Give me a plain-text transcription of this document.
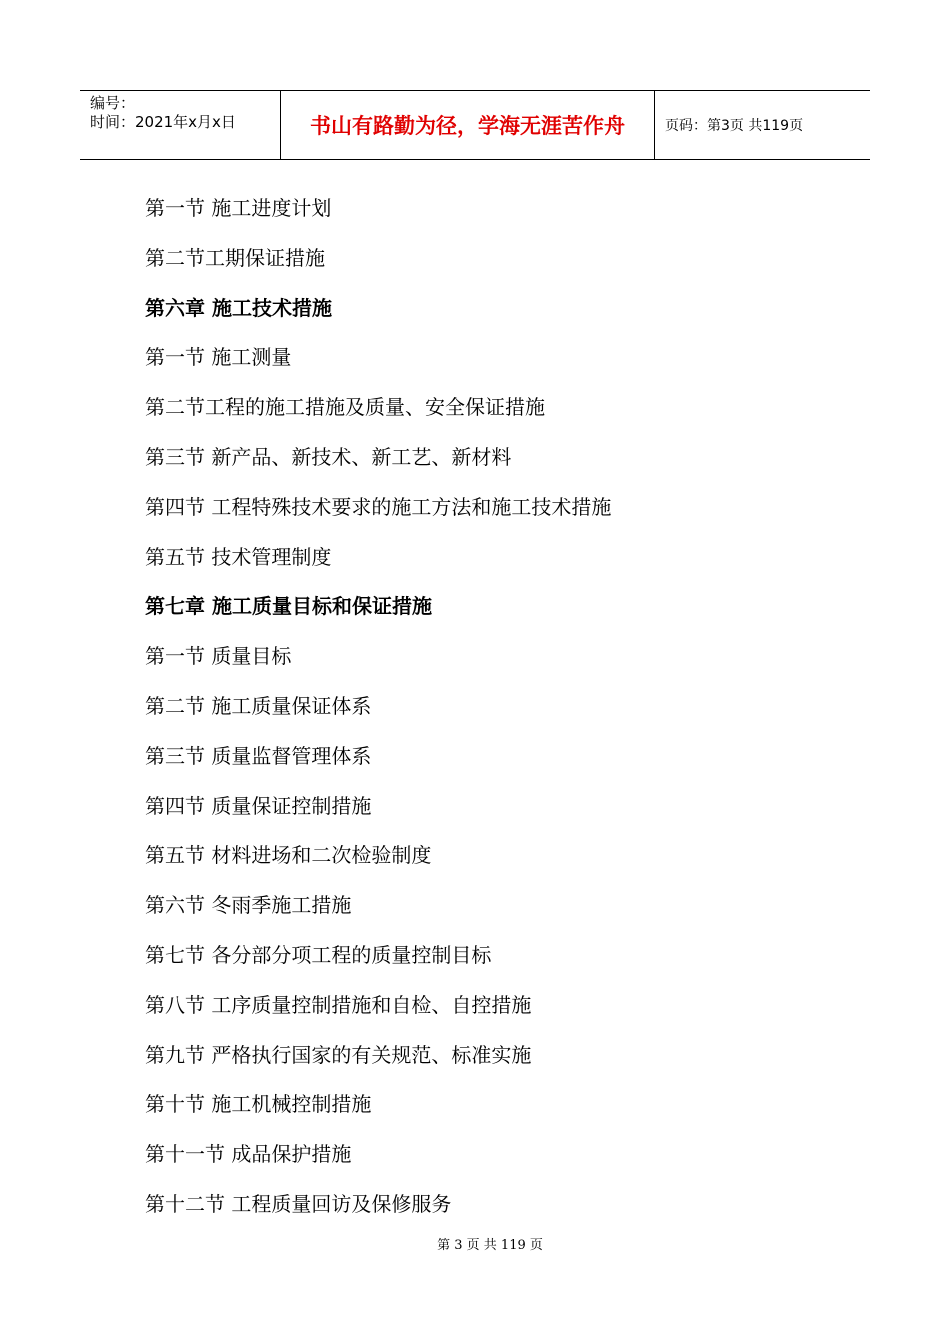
编号：
时间：2021年x月x日	书山有路勤为径，学海无涯苦作舟	页码：第3页 共119页
第一节 施工进度计划
第二节工期保证措施
第六章 施工技术措施
第一节 施工测量
第二节工程的施工措施及质量、安全保证措施
第三节 新产品、新技术、新工艺、新材料
第四节 工程特殊技术要求的施工方法和施工技术措施
第五节 技术管理制度
第七章 施工质量目标和保证措施
第一节 质量目标
第二节 施工质量保证体系
第三节 质量监督管理体系
第四节 质量保证控制措施
第五节 材料进场和二次检验制度
第六节 冬雨季施工措施
第七节 各分部分项工程的质量控制目标
第八节 工序质量控制措施和自检、自控措施
第九节 严格执行国家的有关规范、标准实施
第十节 施工机械控制措施
第十一节 成品保护措施
第十二节 工程质量回访及保修服务
第 3 页 共 119 页
